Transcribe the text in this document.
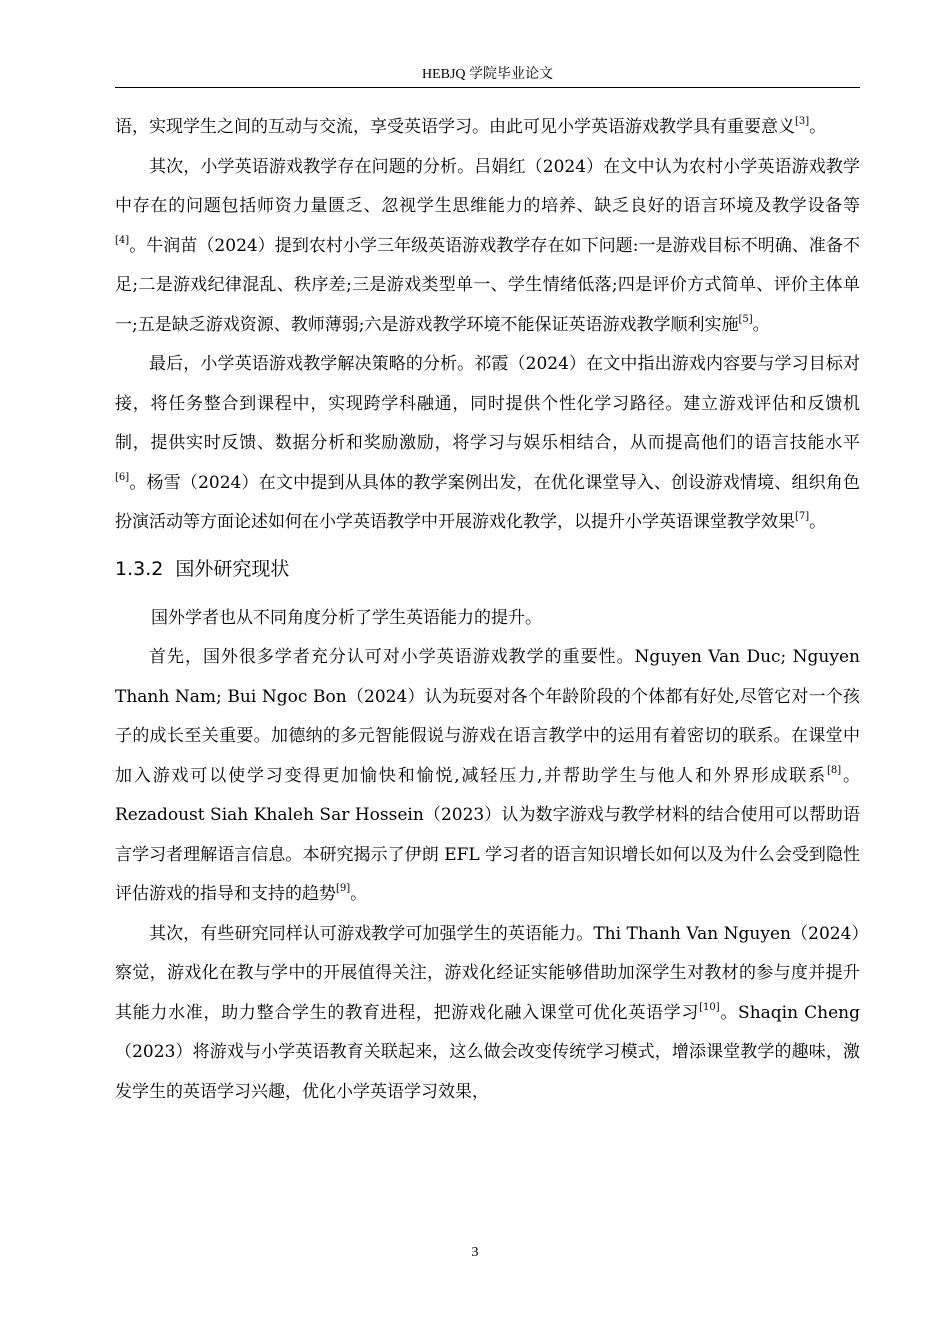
HEBJQ 学院毕业论文

语，实现学生之间的互动与交流，享受英语学习。由此可见小学英语游戏教学具有重要意义[3]。

其次，小学英语游戏教学存在问题的分析。吕娟红（2024）在文中认为农村小学英语游戏教学中存在的问题包括师资力量匮乏、忽视学生思维能力的培养、缺乏良好的语言环境及教学设备等[4]。牛润苗（2024）提到农村小学三年级英语游戏教学存在如下问题:一是游戏目标不明确、准备不足;二是游戏纪律混乱、秩序差;三是游戏类型单一、学生情绪低落;四是评价方式简单、评价主体单一;五是缺乏游戏资源、教师薄弱;六是游戏教学环境不能保证英语游戏教学顺利实施[5]。

最后，小学英语游戏教学解决策略的分析。祁霞（2024）在文中指出游戏内容要与学习目标对接，将任务整合到课程中，实现跨学科融通，同时提供个性化学习路径。建立游戏评估和反馈机制，提供实时反馈、数据分析和奖励激励，将学习与娱乐相结合，从而提高他们的语言技能水平[6]。杨雪（2024）在文中提到从具体的教学案例出发，在优化课堂导入、创设游戏情境、组织角色扮演活动等方面论述如何在小学英语教学中开展游戏化教学，以提升小学英语课堂教学效果[7]。

1.3.2 国外研究现状

国外学者也从不同角度分析了学生英语能力的提升。

首先，国外很多学者充分认可对小学英语游戏教学的重要性。Nguyen Van Duc; Nguyen Thanh Nam; Bui Ngoc Bon（2024）认为玩耍对各个年龄阶段的个体都有好处,尽管它对一个孩子的成长至关重要。加德纳的多元智能假说与游戏在语言教学中的运用有着密切的联系。在课堂中加入游戏可以使学习变得更加愉快和愉悦,减轻压力,并帮助学生与他人和外界形成联系[8]。Rezadoust Siah Khaleh Sar Hossein（2023）认为数字游戏与教学材料的结合使用可以帮助语言学习者理解语言信息。本研究揭示了伊朗 EFL 学习者的语言知识增长如何以及为什么会受到隐性评估游戏的指导和支持的趋势[9]。

其次，有些研究同样认可游戏教学可加强学生的英语能力。Thi Thanh Van Nguyen（2024）察觉，游戏化在教与学中的开展值得关注，游戏化经证实能够借助加深学生对教材的参与度并提升其能力水准，助力整合学生的教育进程，把游戏化融入课堂可优化英语学习[10]。Shaqin Cheng（2023）将游戏与小学英语教育关联起来，这么做会改变传统学习模式，增添课堂教学的趣味，激发学生的英语学习兴趣，优化小学英语学习效果，

3
